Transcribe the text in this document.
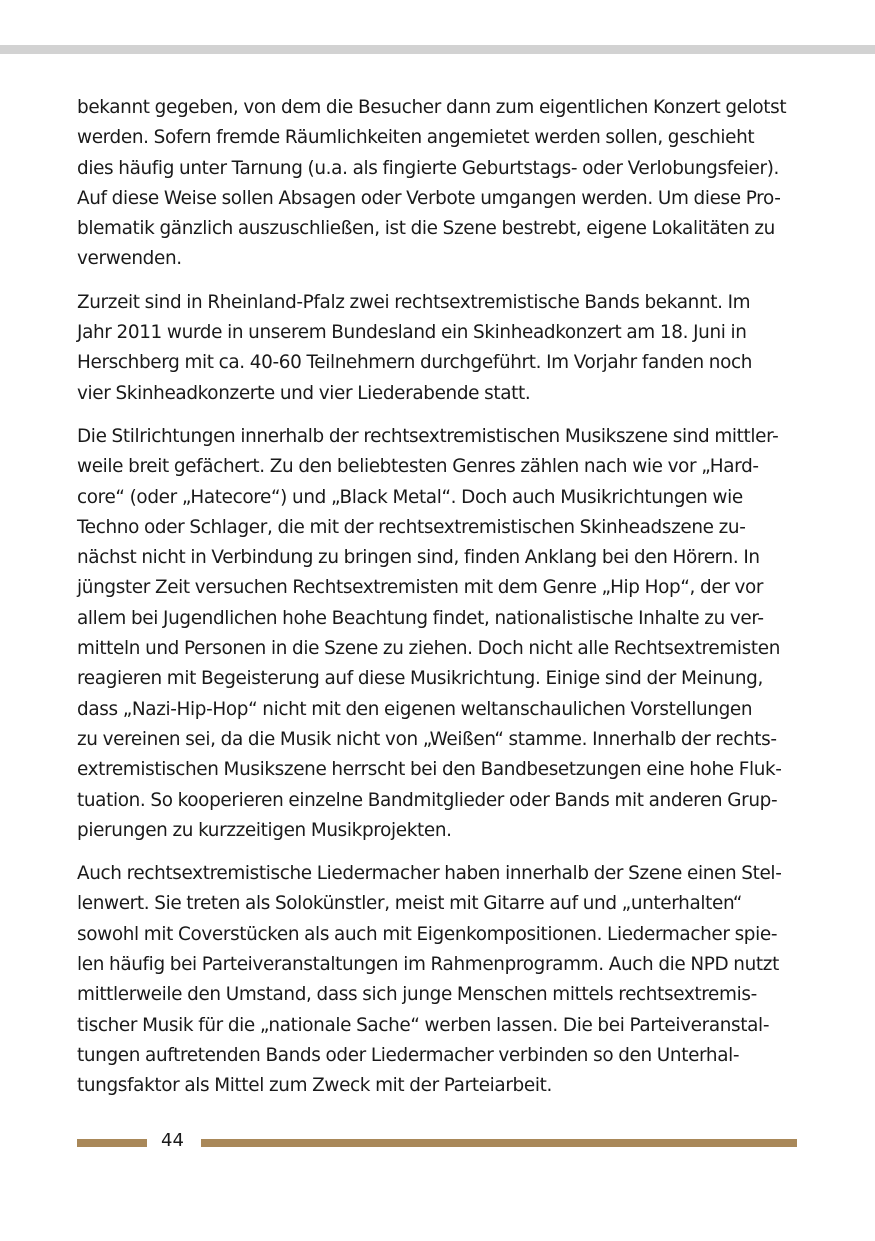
bekannt gegeben, von dem die Besucher dann zum eigentlichen Konzert gelotst
werden. Sofern fremde Räumlichkeiten angemietet werden sollen, geschieht
dies häufig unter Tarnung (u.a. als fingierte Geburtstags- oder Verlobungsfeier).
Auf diese Weise sollen Absagen oder Verbote umgangen werden. Um diese Pro-
blematik gänzlich auszuschließen, ist die Szene bestrebt, eigene Lokalitäten zu
verwenden.

Zurzeit sind in Rheinland-Pfalz zwei rechtsextremistische Bands bekannt. Im
Jahr 2011 wurde in unserem Bundesland ein Skinheadkonzert am 18. Juni in
Herschberg mit ca. 40-60 Teilnehmern durchgeführt. Im Vorjahr fanden noch
vier Skinheadkonzerte und vier Liederabende statt.

Die Stilrichtungen innerhalb der rechtsextremistischen Musikszene sind mittler-
weile breit gefächert. Zu den beliebtesten Genres zählen nach wie vor „Hard-
core“ (oder „Hatecore“) und „Black Metal“. Doch auch Musikrichtungen wie
Techno oder Schlager, die mit der rechtsextremistischen Skinheadszene zu-
nächst nicht in Verbindung zu bringen sind, finden Anklang bei den Hörern. In
jüngster Zeit versuchen Rechtsextremisten mit dem Genre „Hip Hop“, der vor
allem bei Jugendlichen hohe Beachtung findet, nationalistische Inhalte zu ver-
mitteln und Personen in die Szene zu ziehen. Doch nicht alle Rechtsextremisten
reagieren mit Begeisterung auf diese Musikrichtung. Einige sind der Meinung,
dass „Nazi-Hip-Hop“ nicht mit den eigenen weltanschaulichen Vorstellungen
zu vereinen sei, da die Musik nicht von „Weißen“ stamme. Innerhalb der rechts-
extremistischen Musikszene herrscht bei den Bandbesetzungen eine hohe Fluk-
tuation. So kooperieren einzelne Bandmitglieder oder Bands mit anderen Grup-
pierungen zu kurzzeitigen Musikprojekten.

Auch rechtsextremistische Liedermacher haben innerhalb der Szene einen Stel-
lenwert. Sie treten als Solokünstler, meist mit Gitarre auf und „unterhalten“
sowohl mit Coverstücken als auch mit Eigenkompositionen. Liedermacher spie-
len häufig bei Parteiveranstaltungen im Rahmenprogramm. Auch die NPD nutzt
mittlerweile den Umstand, dass sich junge Menschen mittels rechtsextremis-
tischer Musik für die „nationale Sache“ werben lassen. Die bei Parteiveranstal-
tungen auftretenden Bands oder Liedermacher verbinden so den Unterhal-
tungsfaktor als Mittel zum Zweck mit der Parteiarbeit.

44
